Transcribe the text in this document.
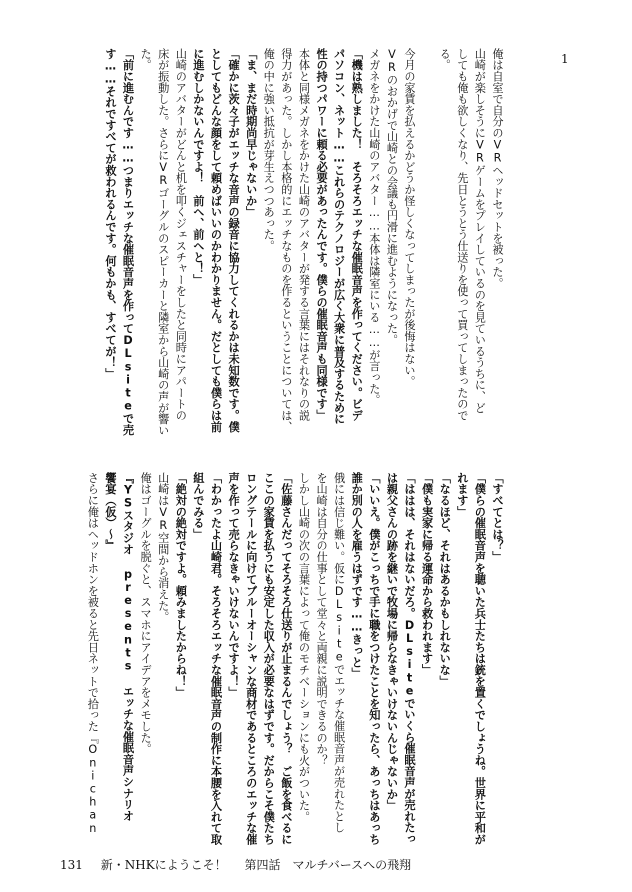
1
俺は自室で自分のVRヘッドセットを被った。
山崎が楽しそうにVRゲームをプレイしているのを見ているうちに、ど
しても俺も欲しくなり、先日とうとう仕送りを使って買ってしまったので
る。
今月の家賃を払えるかどうか怪しくなってしまったが後悔はない。
VRのおかげで山崎との会議も円滑に進むようになった。
メガネをかけた山崎のアバター……本体は隣室にいる……が言った。
「機は熟しました！　そろそろエッチな催眠音声を作ってください。ビデ
パソコン、ネット……これらのテクノロジーが広く大衆に普及するために
性の持つパワーに頼る必要があったんです。僕らの催眠音声も同様です」
本体と同様メガネをかけた山崎のアバターが発する言葉にはそれなりの説
得力があった。しかし本格的にエッチなものを作るということについては、
俺の中に強い抵抗が芽生えつつあった。
「ま、まだ時期尚早じゃないか」
「確かに茨々子がエッチな音声の録音に協力してくれるかは未知数です。僕
としてもどんな顔をして頼めばいいのかわかりません。だとしても僕らは前
に進むしかないんですよ！　前へ、前へと！」
山崎のアバターがどんと机を叩くジェスチャーをしたと同時にアパートの
床が振動した。さらにVRゴーグルのスピーカーと隣室から山崎の声が響い
た。
「前に進むんです……つまりエッチな催眠音声を作ってDLsiteで売
す……それですべてが救われるんです。何もかも、すべてが！」
「すべてとは？」
「僕らの催眠音声を聴いた兵士たちは銃を置くでしょうね。世界に平和が
れます」
「なるほど、それはあるかもしれないな」
「僕も実家に帰る運命から救われます」
「ははは、それはないだろ。DLsiteでいくら催眠音声が売れたっ
は親父さんの跡を継いで牧場に帰らなきゃいけないんじゃないか」
「いいえ。僕がこっちで手に職をつけたことを知ったら、あっちはあっち
誰か別の人を雇うはずです……きっと」
俄には信じ難い。仮にDLsiteでエッチな催眠音声が売れたとし
を山崎は自分の仕事として堂々と両親に説明できるのか？
しかし山崎の次の言葉によって俺のモチベーションにも火がついた。
「佐藤さんだってそろそろ仕送りが止まるんでしょう？　ご飯を食べるに
ここの家賃を払うにも安定した収入が必要なはずです。だからこそ僕たち
ロングテールに向けてブルーオーシャンな商材であるところのエッチな催
声を作って売らなきゃいけないんですよ！」
「わかったよ山崎君。そろそろエッチな催眠音声の制作に本腰を入れて取
組んでみる」
「絶対の絶対ですよ。頼みましたからね！」
山崎はVR空間から消えた。
俺はゴーグルを脱ぐと、スマホにアイデアをメモした。
『YSスタジオ presents エッチな催眠音声シナリオ 　
饗宴（仮）～』
さらに俺はヘッドホンを被ると先日ネットで拾った『Onichan
131 新・NHKにようこそ！ 第四話　マルチバースへの飛翔
